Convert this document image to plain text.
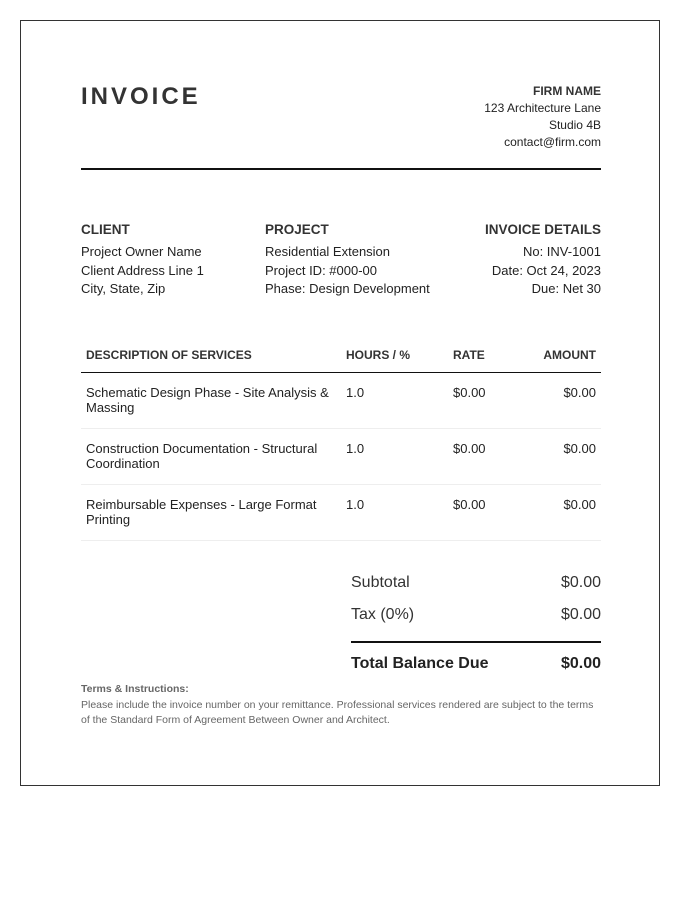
INVOICE	FIRM NAME
123 Architecture Lane
Studio 4B
contact@firm.com
CLIENT
Project Owner Name
Client Address Line 1
City, State, Zip
PROJECT
Residential Extension
Project ID: #000-00
Phase: Design Development
INVOICE DETAILS
No: INV-1001
Date: Oct 24, 2023
Due: Net 30
DESCRIPTION OF SERVICES	HOURS / %	RATE	AMOUNT
Schematic Design Phase - Site Analysis & Massing	1.0	$0.00	$0.00
Construction Documentation - Structural Coordination	1.0	$0.00	$0.00
Reimbursable Expenses - Large Format Printing	1.0	$0.00	$0.00
Subtotal	$0.00
Tax (0%)	$0.00
Total Balance Due	$0.00
Terms & Instructions:
Please include the invoice number on your remittance. Professional services rendered are subject to the terms of the Standard Form of Agreement Between Owner and Architect.
